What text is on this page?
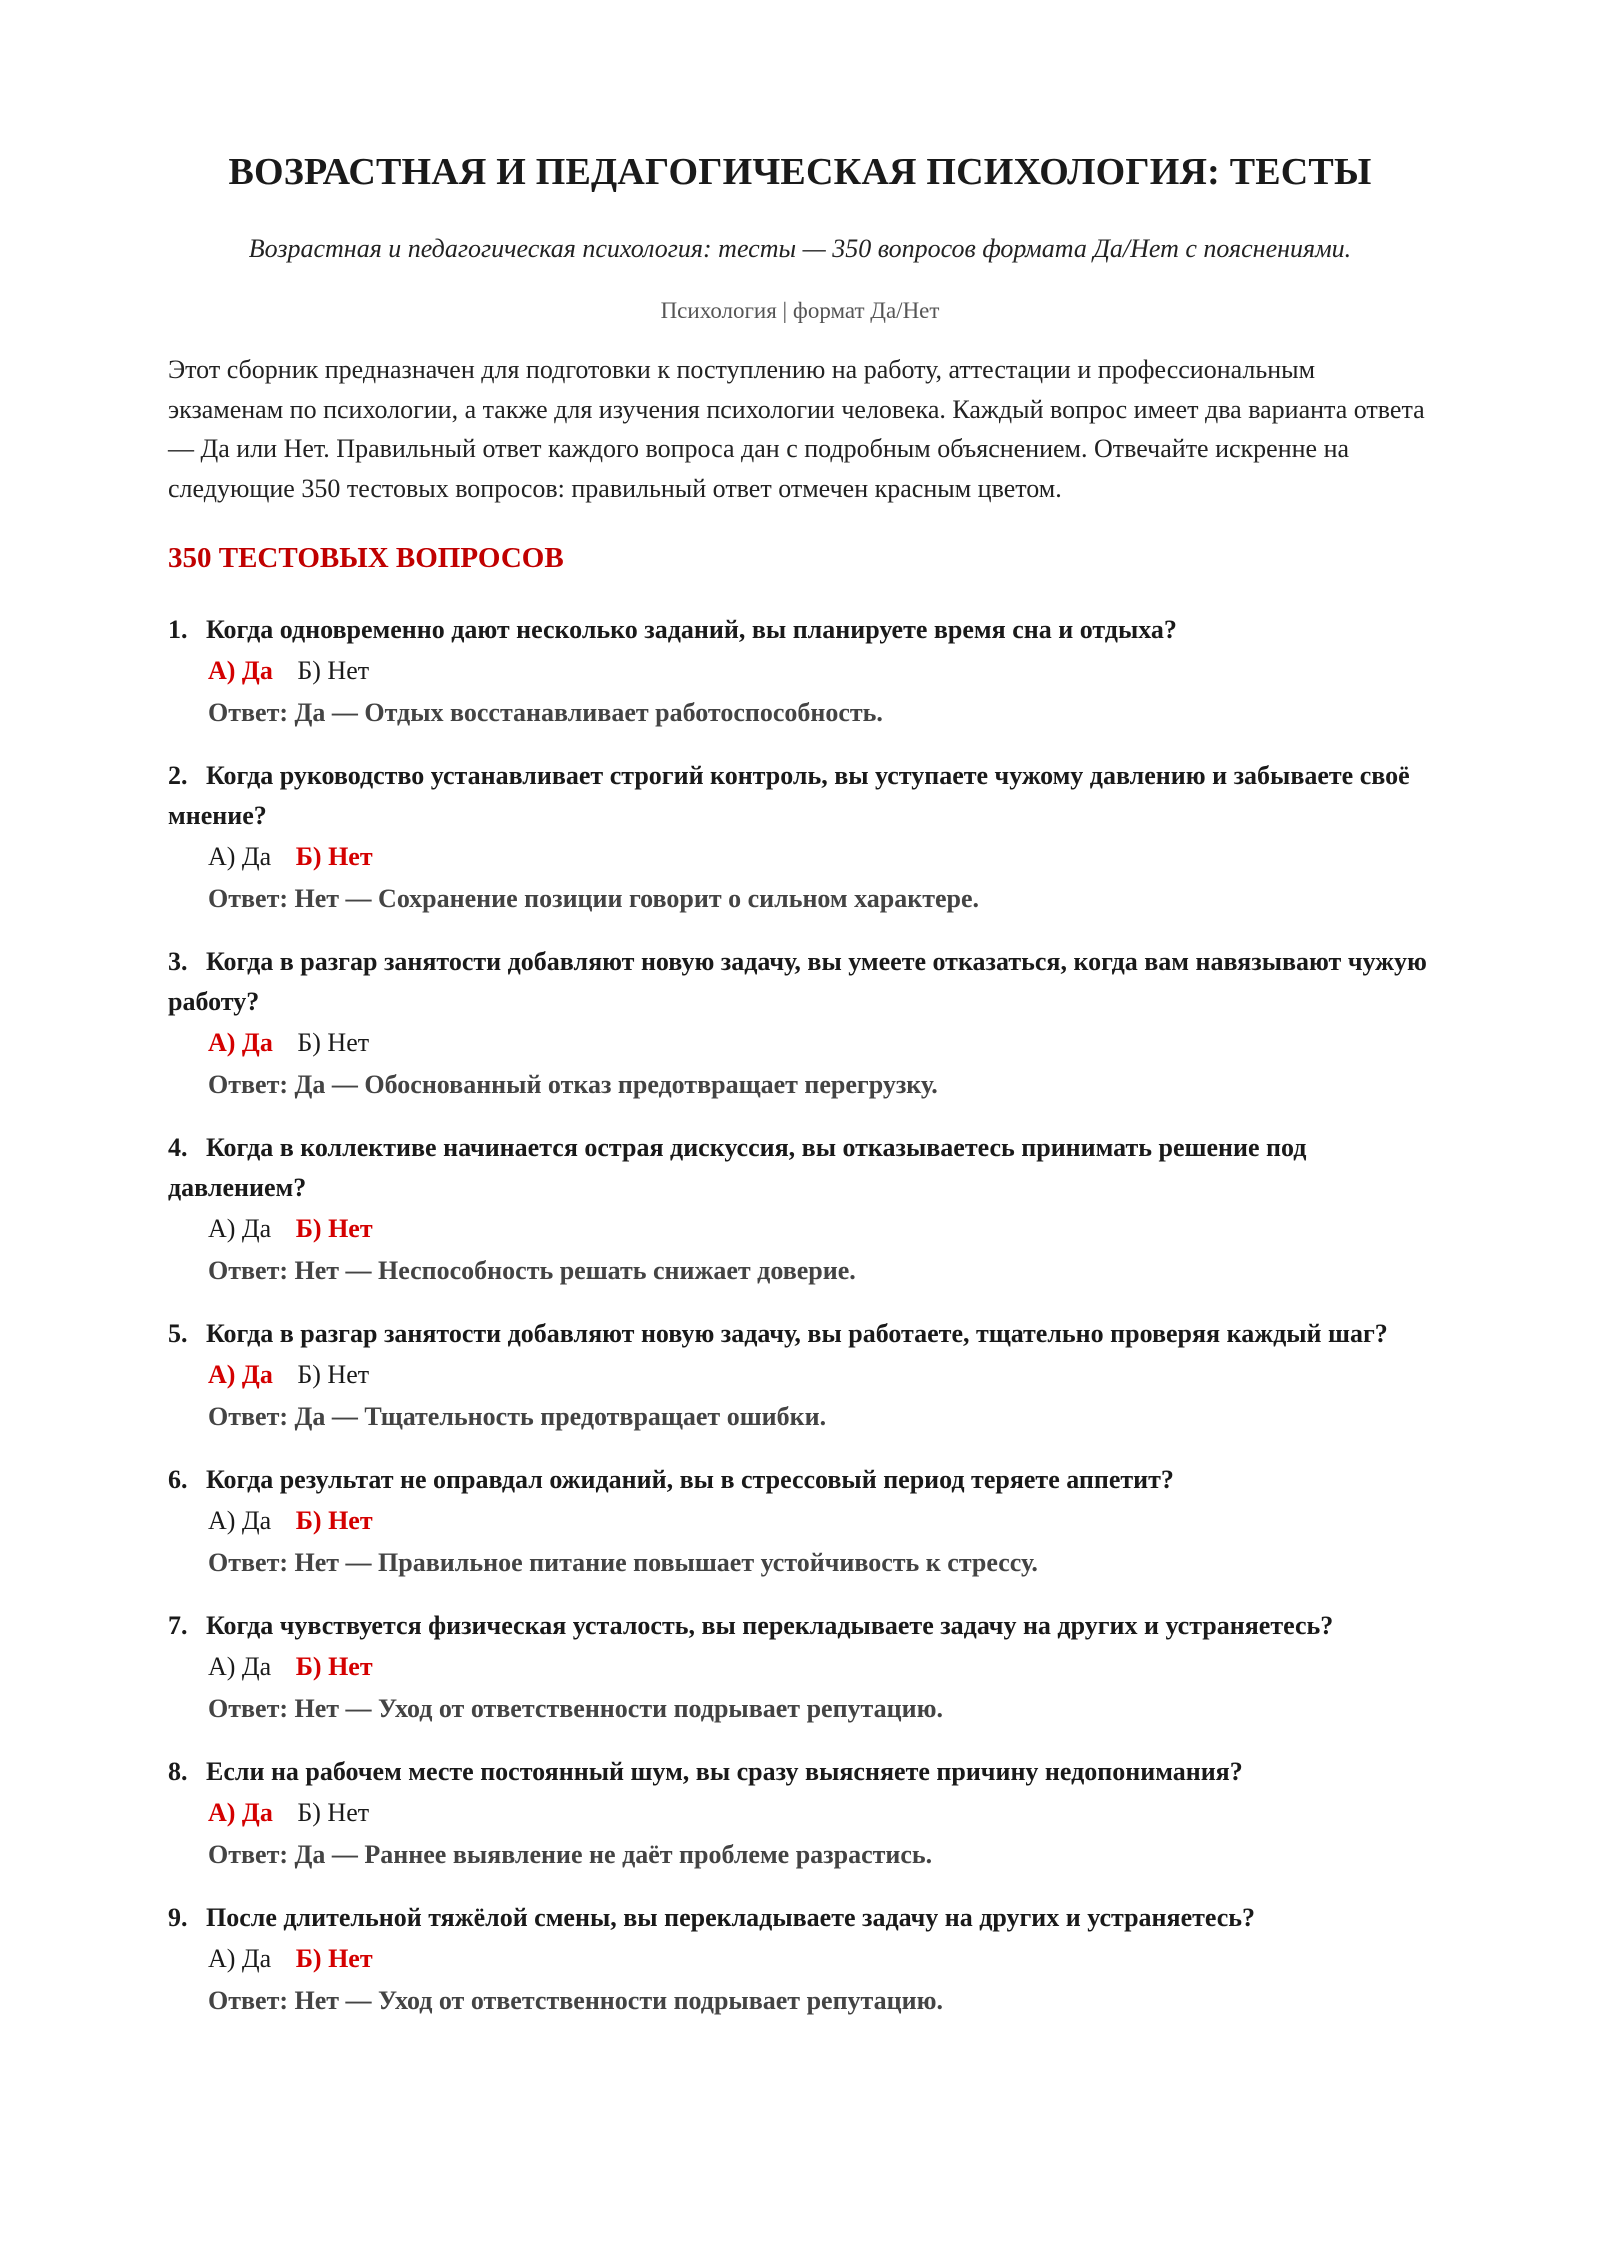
ВОЗРАСТНАЯ И ПЕДАГОГИЧЕСКАЯ ПСИХОЛОГИЯ: ТЕСТЫ

Возрастная и педагогическая психология: тесты — 350 вопросов формата Да/Нет с пояснениями.

Психология | формат Да/Нет

Этот сборник предназначен для подготовки к поступлению на работу, аттестации и профессиональным экзаменам по психологии, а также для изучения психологии человека. Каждый вопрос имеет два варианта ответа — Да или Нет. Правильный ответ каждого вопроса дан с подробным объяснением. Отвечайте искренне на следующие 350 тестовых вопросов: правильный ответ отмечен красным цветом.

350 ТЕСТОВЫХ ВОПРОСОВ

1. Когда одновременно дают несколько заданий, вы планируете время сна и отдыха?

А) Да Б) Нет
Ответ: Да — Отдых восстанавливает работоспособность.

2. Когда руководство устанавливает строгий контроль, вы уступаете чужому давлению и забываете своё мнение?

А) Да Б) Нет
Ответ: Нет — Сохранение позиции говорит о сильном характере.

3. Когда в разгар занятости добавляют новую задачу, вы умеете отказаться, когда вам навязывают чужую работу?

А) Да Б) Нет
Ответ: Да — Обоснованный отказ предотвращает перегрузку.

4. Когда в коллективе начинается острая дискуссия, вы отказываетесь принимать решение под давлением?

А) Да Б) Нет
Ответ: Нет — Неспособность решать снижает доверие.

5. Когда в разгар занятости добавляют новую задачу, вы работаете, тщательно проверяя каждый шаг?

А) Да Б) Нет
Ответ: Да — Тщательность предотвращает ошибки.

6. Когда результат не оправдал ожиданий, вы в стрессовый период теряете аппетит?

А) Да Б) Нет
Ответ: Нет — Правильное питание повышает устойчивость к стрессу.

7. Когда чувствуется физическая усталость, вы перекладываете задачу на других и устраняетесь?

А) Да Б) Нет
Ответ: Нет — Уход от ответственности подрывает репутацию.

8. Если на рабочем месте постоянный шум, вы сразу выясняете причину недопонимания?

А) Да Б) Нет
Ответ: Да — Раннее выявление не даёт проблеме разрастись.

9. После длительной тяжёлой смены, вы перекладываете задачу на других и устраняетесь?

А) Да Б) Нет
Ответ: Нет — Уход от ответственности подрывает репутацию.
